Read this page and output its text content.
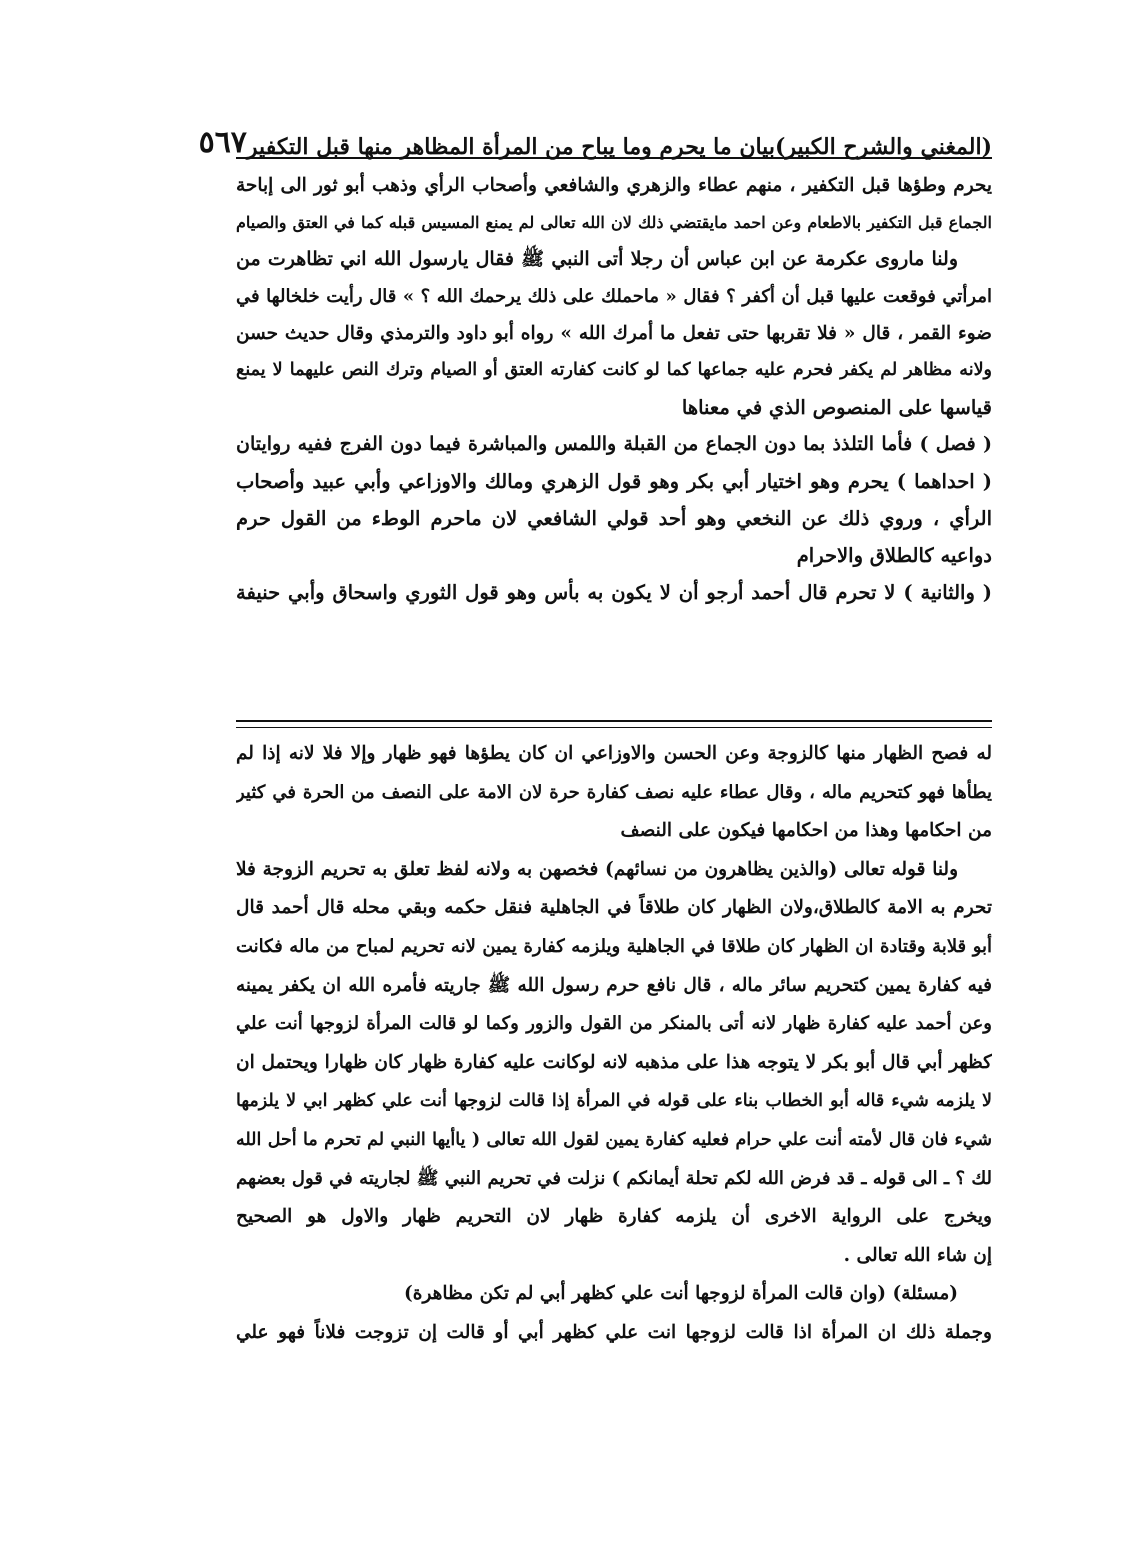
(المغني والشرح الكبير)
بيان ما يحرم وما يباح من المرأة المظاهر منها قبل التكفير
٥٦٧
يحرم وطؤها قبل التكفير ، منهم عطاء والزهري والشافعي وأصحاب الرأي وذهب أبو ثور الى إباحة
الجماع قبل التكفير بالاطعام وعن احمد مايقتضي ذلك لان الله تعالى لم يمنع المسيس قبله كما في العتق والصيام
ولنا ماروى عكرمة عن ابن عباس أن رجلا أتى النبي ﷺ فقال يارسول الله اني تظاهرت من
امرأتي فوقعت عليها قبل أن أكفر ؟ فقال « ماحملك على ذلك يرحمك الله ؟ » قال رأيت خلخالها في
ضوء القمر ، قال « فلا تقربها حتى تفعل ما أمرك الله » رواه أبو داود والترمذي وقال حديث حسن
ولانه مظاهر لم يكفر فحرم عليه جماعها كما لو كانت كفارته العتق أو الصيام وترك النص عليهما لا يمنع
قياسها على المنصوص الذي في معناها
( فصل ) فأما التلذذ بما دون الجماع من القبلة واللمس والمباشرة فيما دون الفرج ففيه روايتان
( احداهما ) يحرم وهو اختيار أبي بكر وهو قول الزهري ومالك والاوزاعي وأبي عبيد وأصحاب
الرأي ، وروي ذلك عن النخعي وهو أحد قولي الشافعي لان ماحرم الوطء من القول حرم
دواعيه كالطلاق والاحرام
( والثانية ) لا تحرم قال أحمد أرجو أن لا يكون به بأس وهو قول الثوري واسحاق وأبي حنيفة
له فصح الظهار منها كالزوجة وعن الحسن والاوزاعي ان كان يطؤها فهو ظهار وإلا فلا لانه إذا لم
يطأها فهو كتحريم ماله ، وقال عطاء عليه نصف كفارة حرة لان الامة على النصف من الحرة في كثير
من احكامها وهذا من احكامها فيكون على النصف
ولنا قوله تعالى (والذين يظاهرون من نسائهم) فخصهن به ولانه لفظ تعلق به تحريم الزوجة فلا
تحرم به الامة كالطلاق،ولان الظهار كان طلاقاً في الجاهلية فنقل حكمه وبقي محله قال أحمد قال
أبو قلابة وقتادة ان الظهار كان طلاقا في الجاهلية ويلزمه كفارة يمين لانه تحريم لمباح من ماله فكانت
فيه كفارة يمين كتحريم سائر ماله ، قال نافع حرم رسول الله ﷺ جاريته فأمره الله ان يكفر يمينه
وعن أحمد عليه كفارة ظهار لانه أتى بالمنكر من القول والزور وكما لو قالت المرأة لزوجها أنت علي
كظهر أبي قال أبو بكر لا يتوجه هذا على مذهبه لانه لوكانت عليه كفارة ظهار كان ظهارا ويحتمل ان
لا يلزمه شيء قاله أبو الخطاب بناء على قوله في المرأة إذا قالت لزوجها أنت علي كظهر ابي لا يلزمها
شيء فان قال لأمته أنت علي حرام فعليه كفارة يمين لقول الله تعالى ( ياأيها النبي لم تحرم ما أحل الله
لك ؟ ـ الى قوله ـ قد فرض الله لكم تحلة أيمانكم ) نزلت في تحريم النبي ﷺ لجاريته في قول بعضهم
ويخرج على الرواية الاخرى أن يلزمه كفارة ظهار لان التحريم ظهار والاول هو الصحيح
إن شاء الله تعالى .
(مسئلة) (وان قالت المرأة لزوجها أنت علي كظهر أبي لم تكن مظاهرة)
وجملة ذلك ان المرأة اذا قالت لزوجها انت علي كظهر أبي أو قالت إن تزوجت فلاناً فهو علي
